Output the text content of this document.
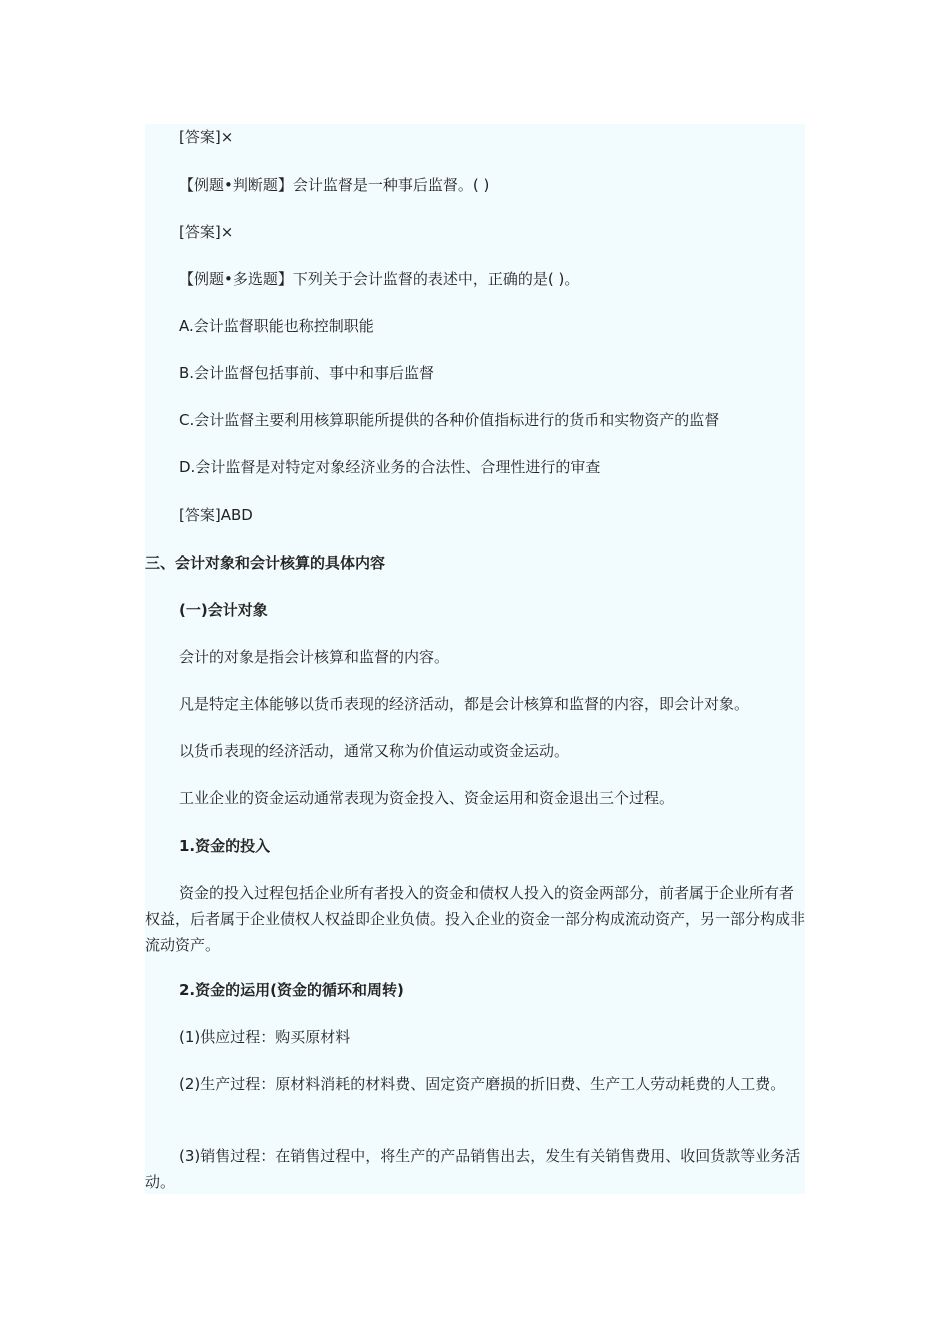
[答案]×
【例题•判断题】会计监督是一种事后监督。( )
[答案]×
【例题•多选题】下列关于会计监督的表述中，正确的是( )。
A.会计监督职能也称控制职能
B.会计监督包括事前、事中和事后监督
C.会计监督主要利用核算职能所提供的各种价值指标进行的货币和实物资产的监督
D.会计监督是对特定对象经济业务的合法性、合理性进行的审查
[答案]ABD
三、会计对象和会计核算的具体内容
(一)会计对象
会计的对象是指会计核算和监督的内容。
凡是特定主体能够以货币表现的经济活动，都是会计核算和监督的内容，即会计对象。
以货币表现的经济活动，通常又称为价值运动或资金运动。
工业企业的资金运动通常表现为资金投入、资金运用和资金退出三个过程。
1.资金的投入
资金的投入过程包括企业所有者投入的资金和债权人投入的资金两部分，前者属于企业所有者权益，后者属于企业债权人权益即企业负债。投入企业的资金一部分构成流动资产，另一部分构成非流动资产。
2.资金的运用(资金的循环和周转)
(1)供应过程：购买原材料
(2)生产过程：原材料消耗的材料费、固定资产磨损的折旧费、生产工人劳动耗费的人工费。
(3)销售过程：在销售过程中，将生产的产品销售出去，发生有关销售费用、收回货款等业务活动。
